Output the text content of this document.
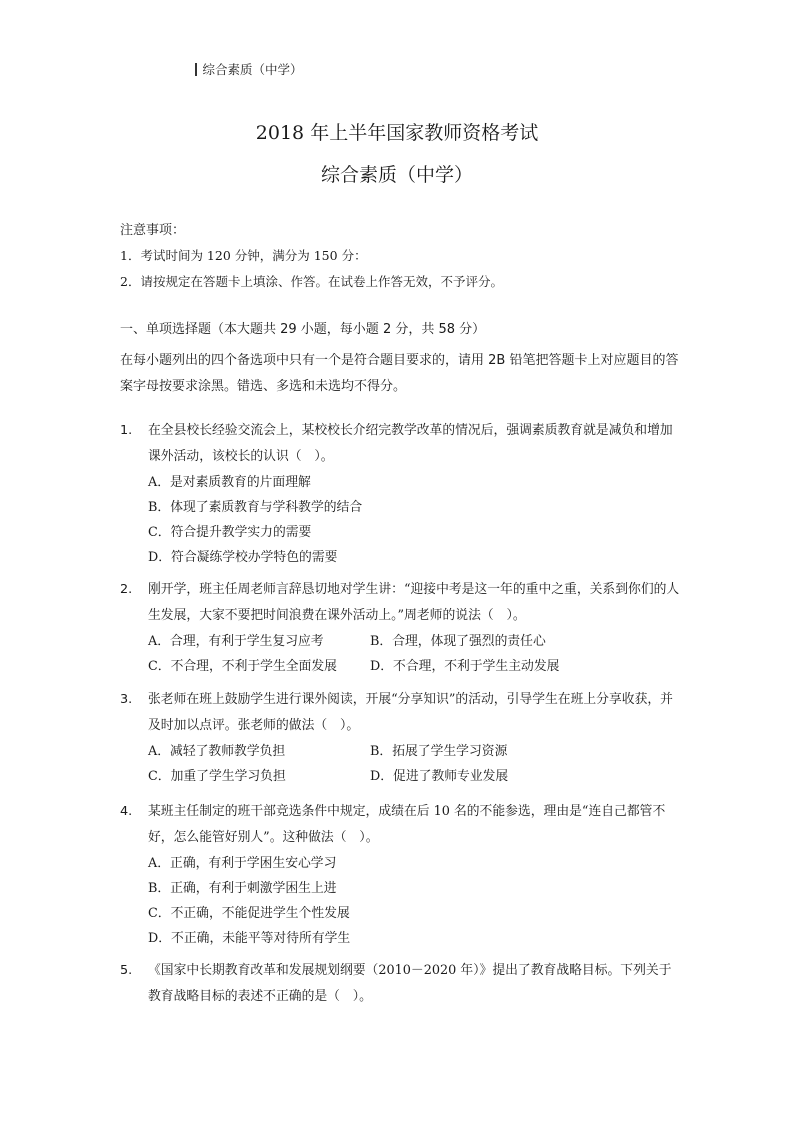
综合素质（中学）
2018 年上半年国家教师资格考试
综合素质（中学）
注意事项：
1．考试时间为 120 分钟，满分为 150 分：
2．请按规定在答题卡上填涂、作答。在试卷上作答无效，不予评分。
一、单项选择题（本大题共 29 小题，每小题 2 分，共 58 分）
在每小题列出的四个备选项中只有一个是符合题目要求的，请用 2B 铅笔把答题卡上对应题目的答案字母按要求涂黑。错选、多选和未选均不得分。
1. 在全县校长经验交流会上，某校校长介绍完教学改革的情况后，强调素质教育就是减负和增加课外活动，该校长的认识（　）。
A．是对素质教育的片面理解
B．体现了素质教育与学科教学的结合
C．符合提升教学实力的需要
D．符合凝练学校办学特色的需要
2. 刚开学，班主任周老师言辞恳切地对学生讲：“迎接中考是这一年的重中之重，关系到你们的人生发展，大家不要把时间浪费在课外活动上。”周老师的说法（　）。
A．合理，有利于学生复习应考	B．合理，体现了强烈的责任心
C．不合理，不利于学生全面发展	D．不合理，不利于学生主动发展
3. 张老师在班上鼓励学生进行课外阅读，开展“分享知识”的活动，引导学生在班上分享收获，并及时加以点评。张老师的做法（　）。
A．减轻了教师教学负担	B．拓展了学生学习资源
C．加重了学生学习负担	D．促进了教师专业发展
4. 某班主任制定的班干部竞选条件中规定，成绩在后 10 名的不能参选，理由是“连自己都管不好，怎么能管好别人”。这种做法（　）。
A．正确，有利于学困生安心学习
B．正确，有利于刺激学困生上进
C．不正确，不能促进学生个性发展
D．不正确，未能平等对待所有学生
5. 《国家中长期教育改革和发展规划纲要（2010－2020 年）》提出了教育战略目标。下列关于教育战略目标的表述不正确的是（　）。
